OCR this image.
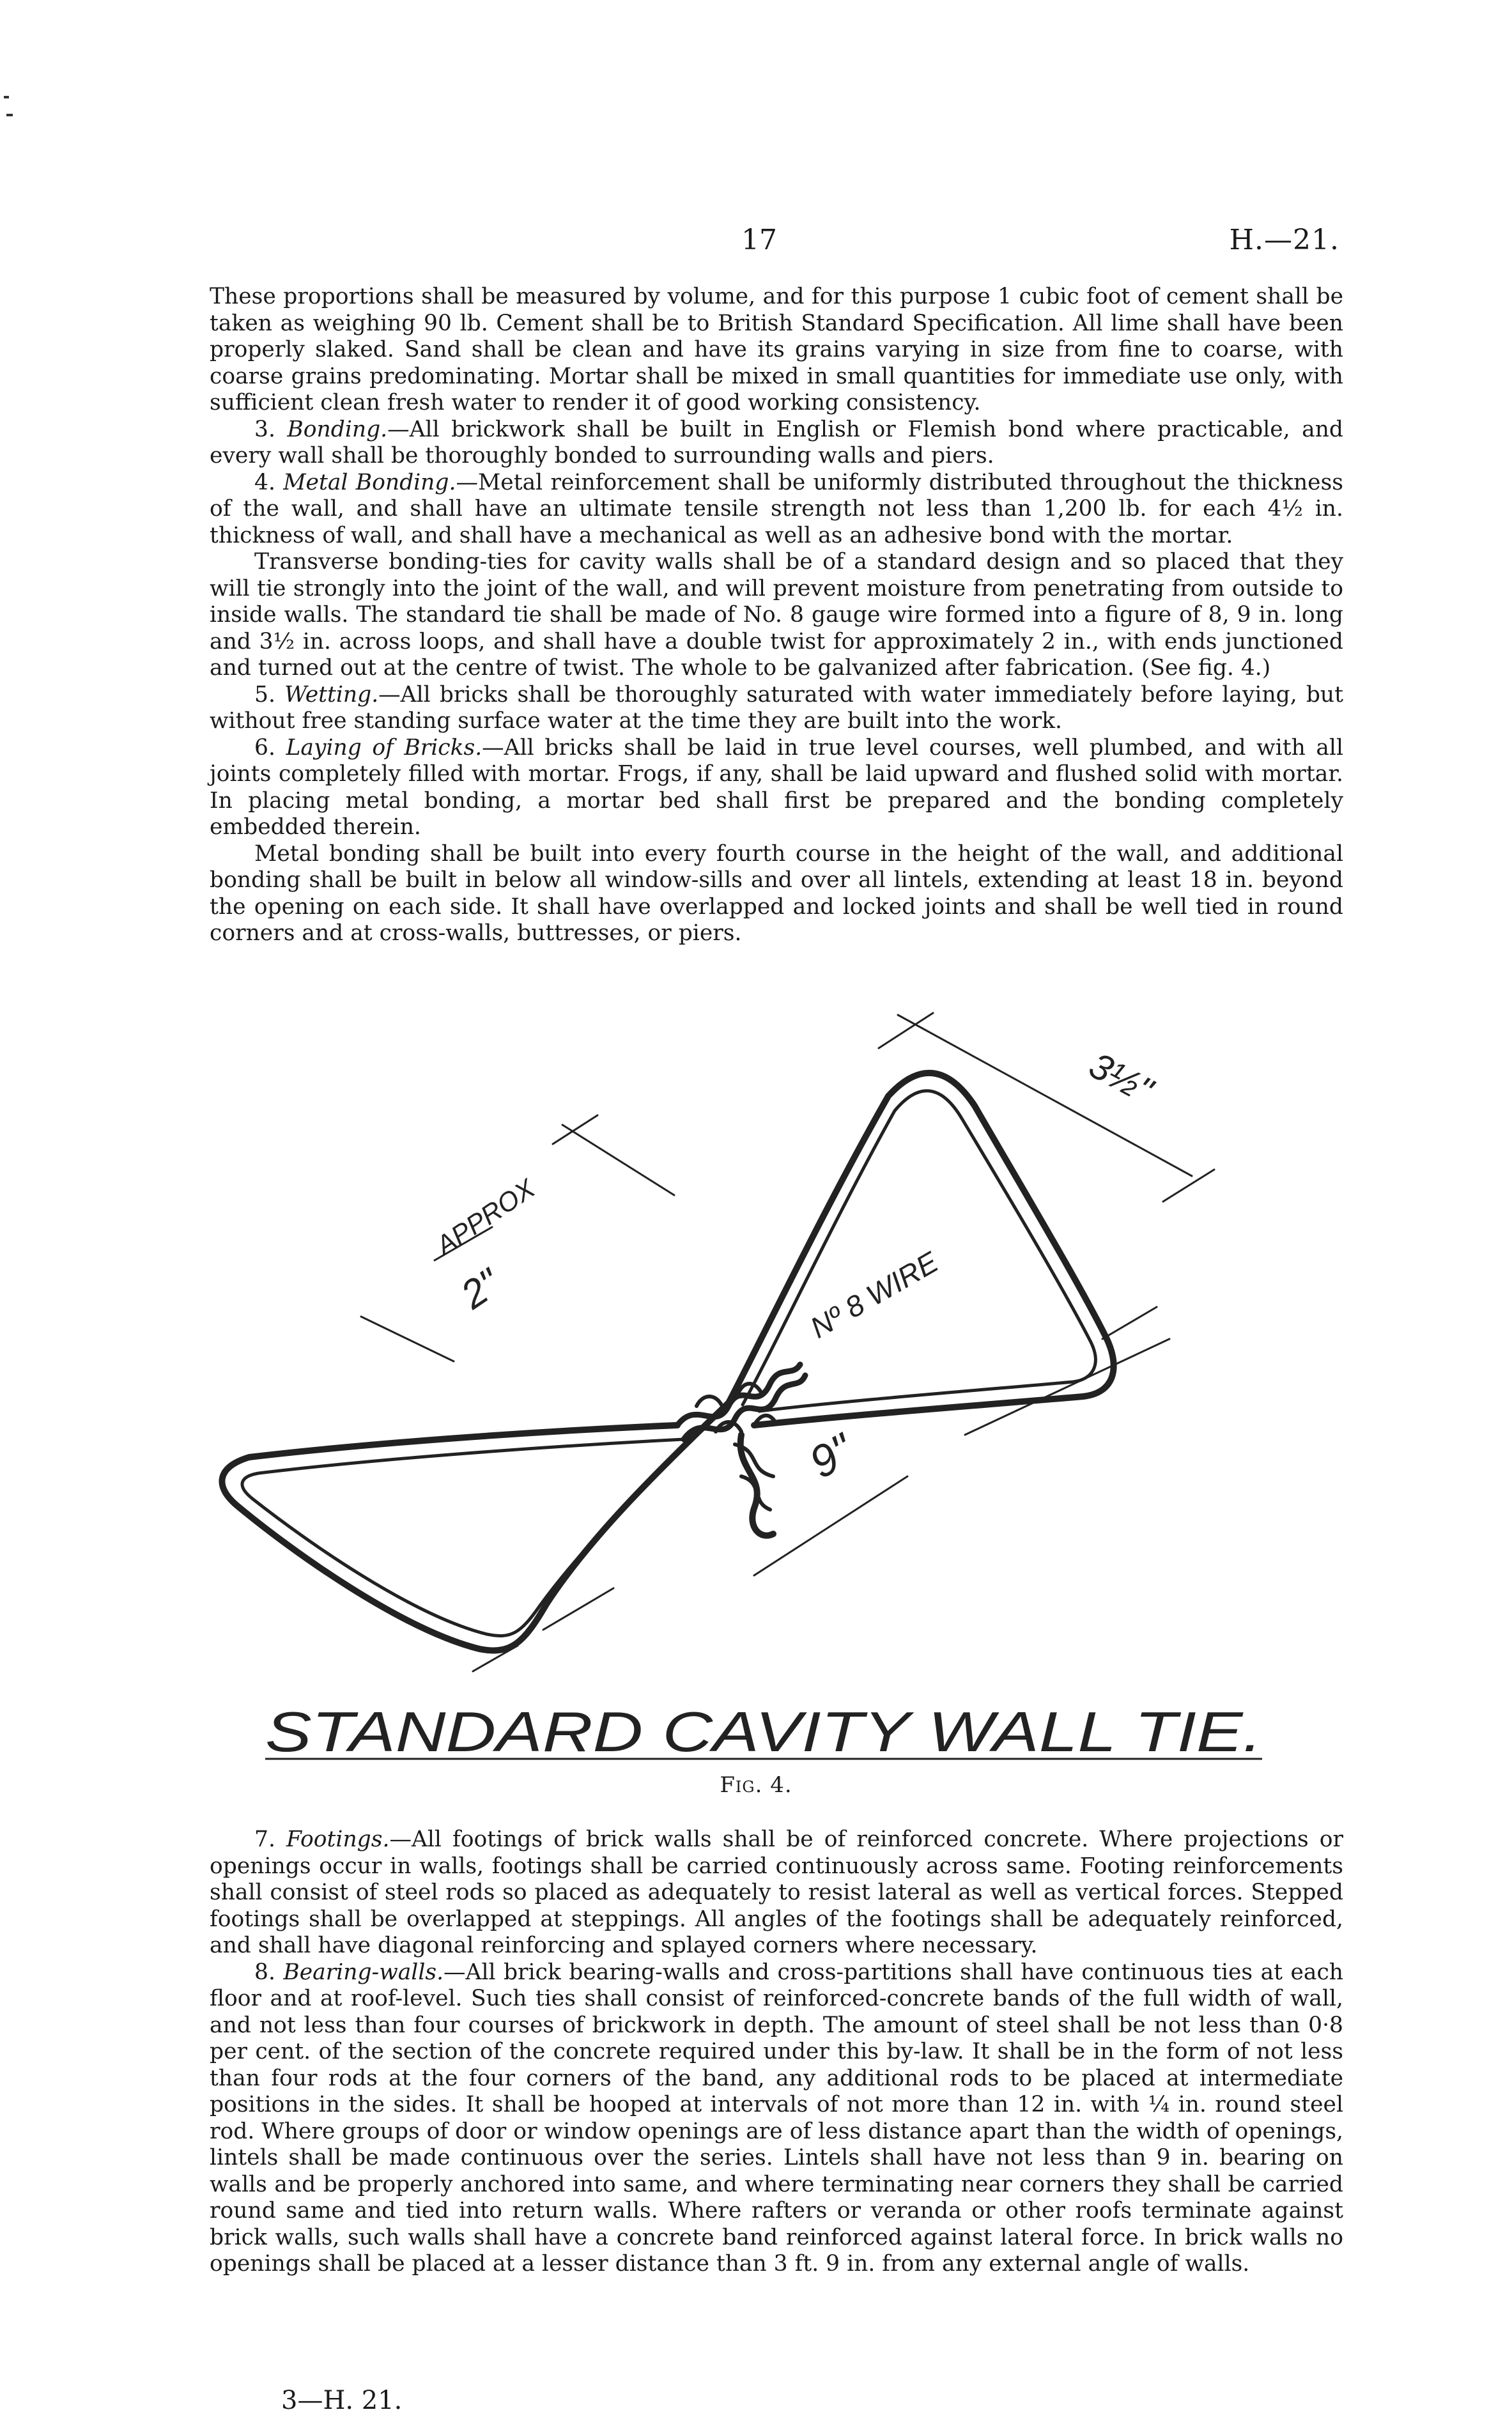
17	H.—21.

These proportions shall be measured by volume, and for this purpose 1 cubic foot of cement shall be taken as weighing 90 lb. Cement shall be to British Standard Specification. All lime shall have been properly slaked. Sand shall be clean and have its grains varying in size from fine to coarse, with coarse grains predominating. Mortar shall be mixed in small quantities for immediate use only, with sufficient clean fresh water to render it of good working consistency.

3. Bonding.—All brickwork shall be built in English or Flemish bond where practicable, and every wall shall be thoroughly bonded to surrounding walls and piers.

4. Metal Bonding.—Metal reinforcement shall be uniformly distributed throughout the thickness of the wall, and shall have an ultimate tensile strength not less than 1,200 lb. for each 4½ in. thickness of wall, and shall have a mechanical as well as an adhesive bond with the mortar.

Transverse bonding-ties for cavity walls shall be of a standard design and so placed that they will tie strongly into the joint of the wall, and will prevent moisture from penetrating from outside to inside walls. The standard tie shall be made of No. 8 gauge wire formed into a figure of 8, 9 in. long and 3½ in. across loops, and shall have a double twist for approximately 2 in., with ends junctioned and turned out at the centre of twist. The whole to be galvanized after fabrication. (See fig. 4.)

5. Wetting.—All bricks shall be thoroughly saturated with water immediately before laying, but without free standing surface water at the time they are built into the work.

6. Laying of Bricks.—All bricks shall be laid in true level courses, well plumbed, and with all joints completely filled with mortar. Frogs, if any, shall be laid upward and flushed solid with mortar. In placing metal bonding, a mortar bed shall first be prepared and the bonding completely embedded therein.

Metal bonding shall be built into every fourth course in the height of the wall, and additional bonding shall be built in below all window-sills and over all lintels, extending at least 18 in. beyond the opening on each side. It shall have overlapped and locked joints and shall be well tied in round corners and at cross-walls, buttresses, or piers.

3½"
APPROX
2"	Nº 8 WIRE
9"
STANDARD CAVITY WALL TIE.
Fig. 4.

7. Footings.—All footings of brick walls shall be of reinforced concrete. Where projections or openings occur in walls, footings shall be carried continuously across same. Footing reinforcements shall consist of steel rods so placed as adequately to resist lateral as well as vertical forces. Stepped footings shall be overlapped at steppings. All angles of the footings shall be adequately reinforced, and shall have diagonal reinforcing and splayed corners where necessary.

8. Bearing-walls.—All brick bearing-walls and cross-partitions shall have continuous ties at each floor and at roof-level. Such ties shall consist of reinforced-concrete bands of the full width of wall, and not less than four courses of brickwork in depth. The amount of steel shall be not less than 0·8 per cent. of the section of the concrete required under this by-law. It shall be in the form of not less than four rods at the four corners of the band, any additional rods to be placed at intermediate positions in the sides. It shall be hooped at intervals of not more than 12 in. with ¼ in. round steel rod. Where groups of door or window openings are of less distance apart than the width of openings, lintels shall be made continuous over the series. Lintels shall have not less than 9 in. bearing on walls and be properly anchored into same, and where terminating near corners they shall be carried round same and tied into return walls. Where rafters or veranda or other roofs terminate against brick walls, such walls shall have a concrete band reinforced against lateral force. In brick walls no openings shall be placed at a lesser distance than 3 ft. 9 in. from any external angle of walls.

3—H. 21.
